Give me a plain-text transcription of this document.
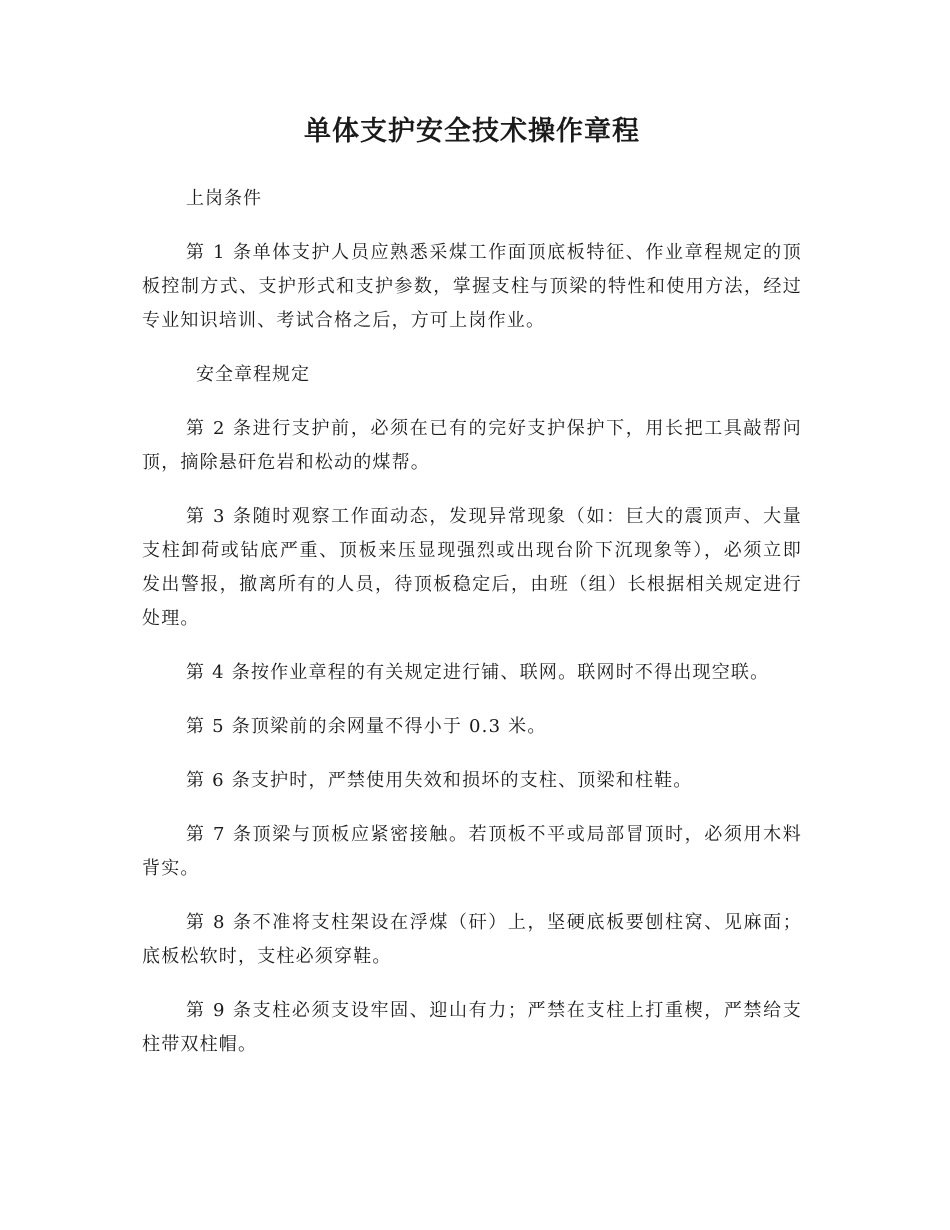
单体支护安全技术操作章程
上岗条件

第 1 条单体支护人员应熟悉采煤工作面顶底板特征、作业章程规定的顶板控制方式、支护形式和支护参数，掌握支柱与顶梁的特性和使用方法，经过专业知识培训、考试合格之后，方可上岗作业。

安全章程规定

第 2 条进行支护前，必须在已有的完好支护保护下，用长把工具敲帮问顶，摘除悬矸危岩和松动的煤帮。

第 3 条随时观察工作面动态，发现异常现象（如：巨大的震顶声、大量支柱卸荷或钻底严重、顶板来压显现强烈或出现台阶下沉现象等），必须立即发出警报，撤离所有的人员，待顶板稳定后，由班（组）长根据相关规定进行处理。

第 4 条按作业章程的有关规定进行铺、联网。联网时不得出现空联。

第 5 条顶梁前的余网量不得小于 0.3 米。

第 6 条支护时，严禁使用失效和损坏的支柱、顶梁和柱鞋。

第 7 条顶梁与顶板应紧密接触。若顶板不平或局部冒顶时，必须用木料背实。

第 8 条不准将支柱架设在浮煤（矸）上，坚硬底板要刨柱窝、见麻面；底板松软时，支柱必须穿鞋。

第 9 条支柱必须支设牢固、迎山有力；严禁在支柱上打重楔，严禁给支柱带双柱帽。
